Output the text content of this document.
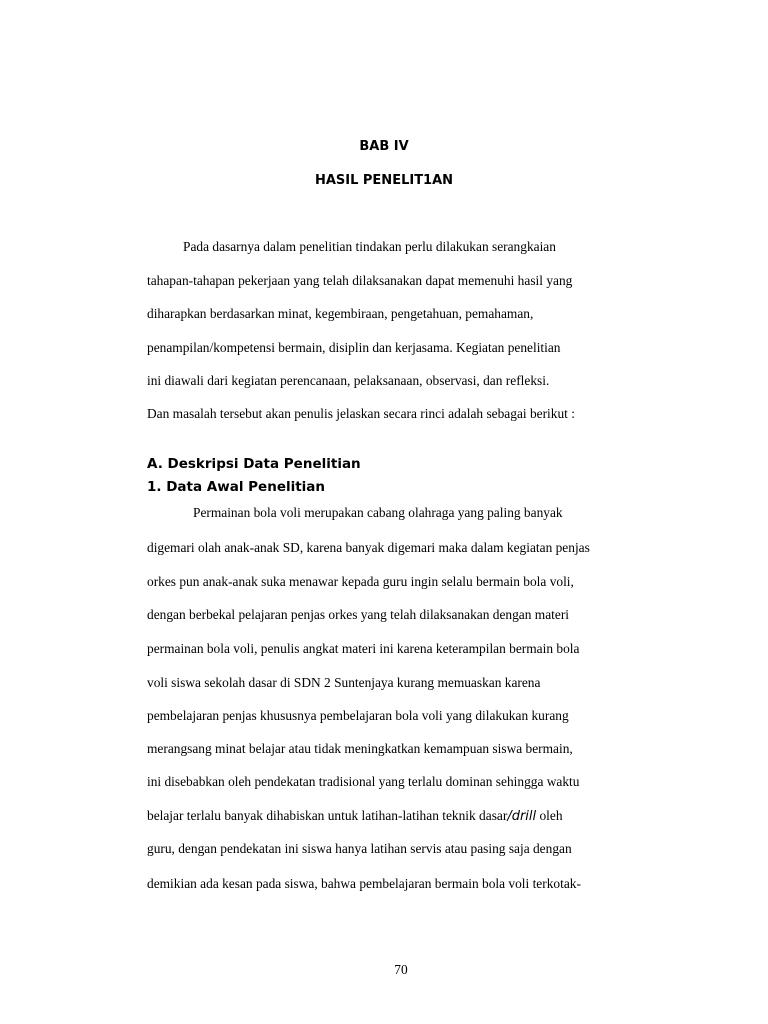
BAB IV
HASIL PENELIT1AN
Pada dasarnya dalam penelitian tindakan perlu dilakukan serangkaian
tahapan-tahapan pekerjaan yang telah dilaksanakan dapat memenuhi hasil yang
diharapkan berdasarkan minat, kegembiraan, pengetahuan, pemahaman,
penampilan/kompetensi bermain, disiplin dan kerjasama. Kegiatan penelitian
ini diawali dari kegiatan perencanaan, pelaksanaan, observasi, dan refleksi.
Dan masalah tersebut akan penulis jelaskan secara rinci adalah sebagai berikut :
A. Deskripsi Data Penelitian
1. Data Awal Penelitian
Permainan bola voli merupakan cabang olahraga yang paling banyak
digemari olah anak-anak SD, karena banyak digemari maka dalam kegiatan penjas
orkes pun anak-anak suka menawar kepada guru ingin selalu bermain bola voli,
dengan berbekal pelajaran penjas orkes yang telah dilaksanakan dengan materi
permainan bola voli, penulis angkat materi ini karena keterampilan bermain bola
voli siswa sekolah dasar di SDN 2 Suntenjaya kurang memuaskan karena
pembelajaran penjas khususnya pembelajaran bola voli yang dilakukan kurang
merangsang minat belajar atau tidak meningkatkan kemampuan siswa bermain,
ini disebabkan oleh pendekatan tradisional yang terlalu dominan sehingga waktu
belajar terlalu banyak dihabiskan untuk latihan-latihan teknik dasar/drill oleh
guru, dengan pendekatan ini siswa hanya latihan servis atau pasing saja dengan
demikian ada kesan pada siswa, bahwa pembelajaran bermain bola voli terkotak-
70
